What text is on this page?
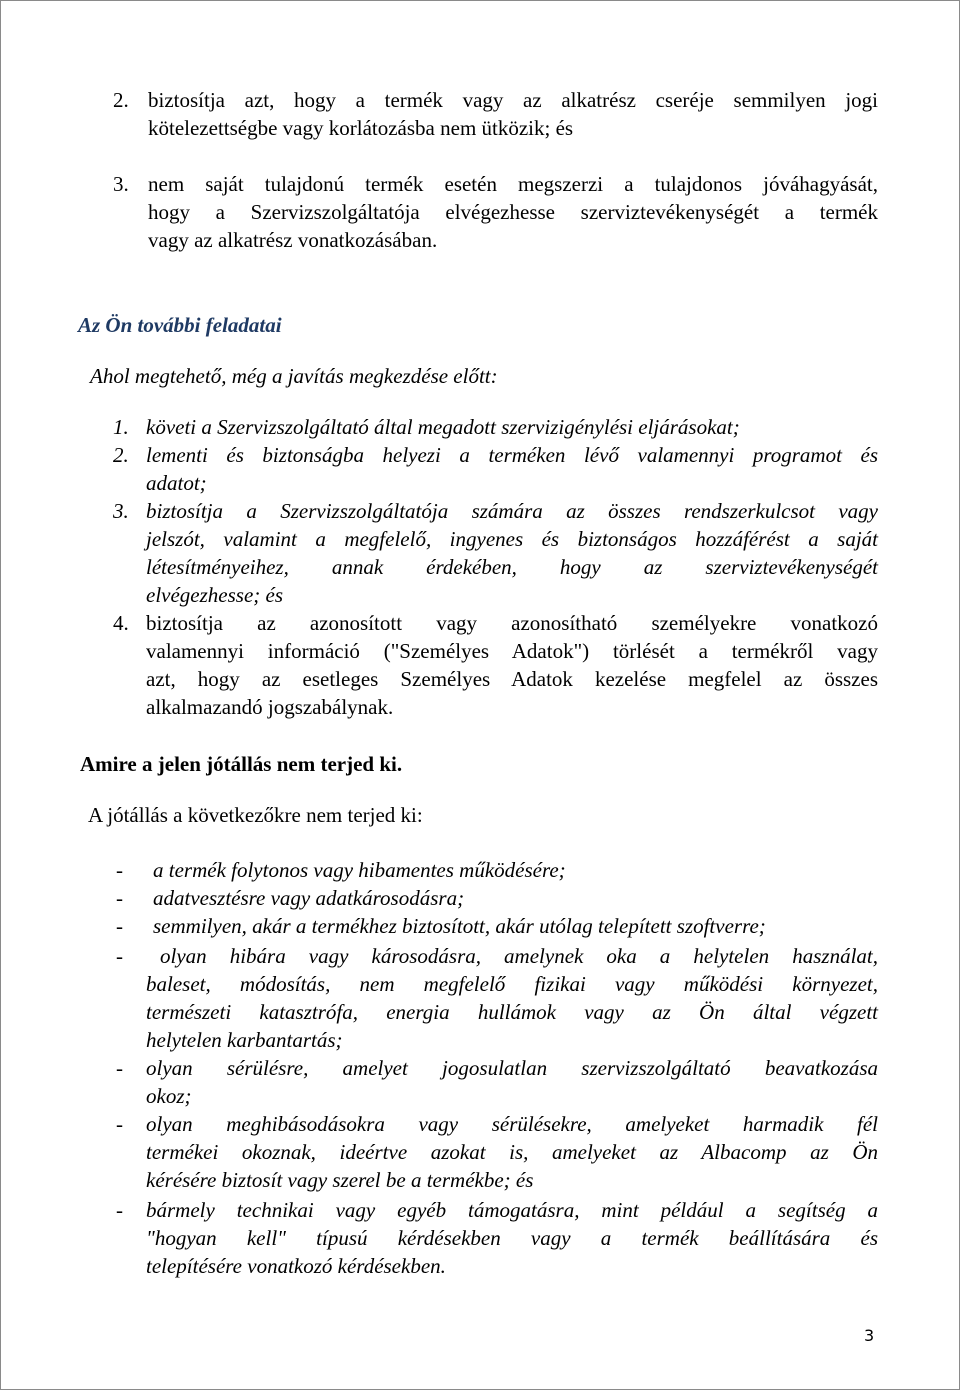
2. biztosítja azt, hogy a termék vagy az alkatrész cseréje semmilyen jogi
kötelezettségbe vagy korlátozásba nem ütközik; és
3. nem saját tulajdonú termék esetén megszerzi a tulajdonos jóváhagyását,
hogy a Szervizszolgáltatója elvégezhesse szerviztevékenységét a termék
vagy az alkatrész vonatkozásában.
Az Ön további feladatai
Ahol megtehető, még a javítás megkezdése előtt:
1. követi a Szervizszolgáltató által megadott szervizigénylési eljárásokat;
2. lementi és biztonságba helyezi a terméken lévő valamennyi programot és
adatot;
3. biztosítja a Szervizszolgáltatója számára az összes rendszerkulcsot vagy
jelszót, valamint a megfelelő, ingyenes és biztonságos hozzáférést a saját
létesítményeihez, annak érdekében, hogy az szerviztevékenységét
elvégezhesse; és
4. biztosítja az azonosított vagy azonosítható személyekre vonatkozó
valamennyi információ ("Személyes Adatok") törlését a termékről vagy
azt, hogy az esetleges Személyes Adatok kezelése megfelel az összes
alkalmazandó jogszabálynak.
Amire a jelen jótállás nem terjed ki.
A jótállás a következőkre nem terjed ki:
- a termék folytonos vagy hibamentes működésére;
- adatvesztésre vagy adatkárosodásra;
- semmilyen, akár a termékhez biztosított, akár utólag telepített szoftverre;
- olyan hibára vagy károsodásra, amelynek oka a helytelen használat,
baleset, módosítás, nem megfelelő fizikai vagy működési környezet,
természeti katasztrófa, energia hullámok vagy az Ön által végzett
helytelen karbantartás;
- olyan sérülésre, amelyet jogosulatlan szervizszolgáltató beavatkozása
okoz;
- olyan meghibásodásokra vagy sérülésekre, amelyeket harmadik fél
termékei okoznak, ideértve azokat is, amelyeket az Albacomp az Ön
kérésére biztosít vagy szerel be a termékbe; és
- bármely technikai vagy egyéb támogatásra, mint például a segítség a
"hogyan kell" típusú kérdésekben vagy a termék beállítására és
telepítésére vonatkozó kérdésekben.
3
